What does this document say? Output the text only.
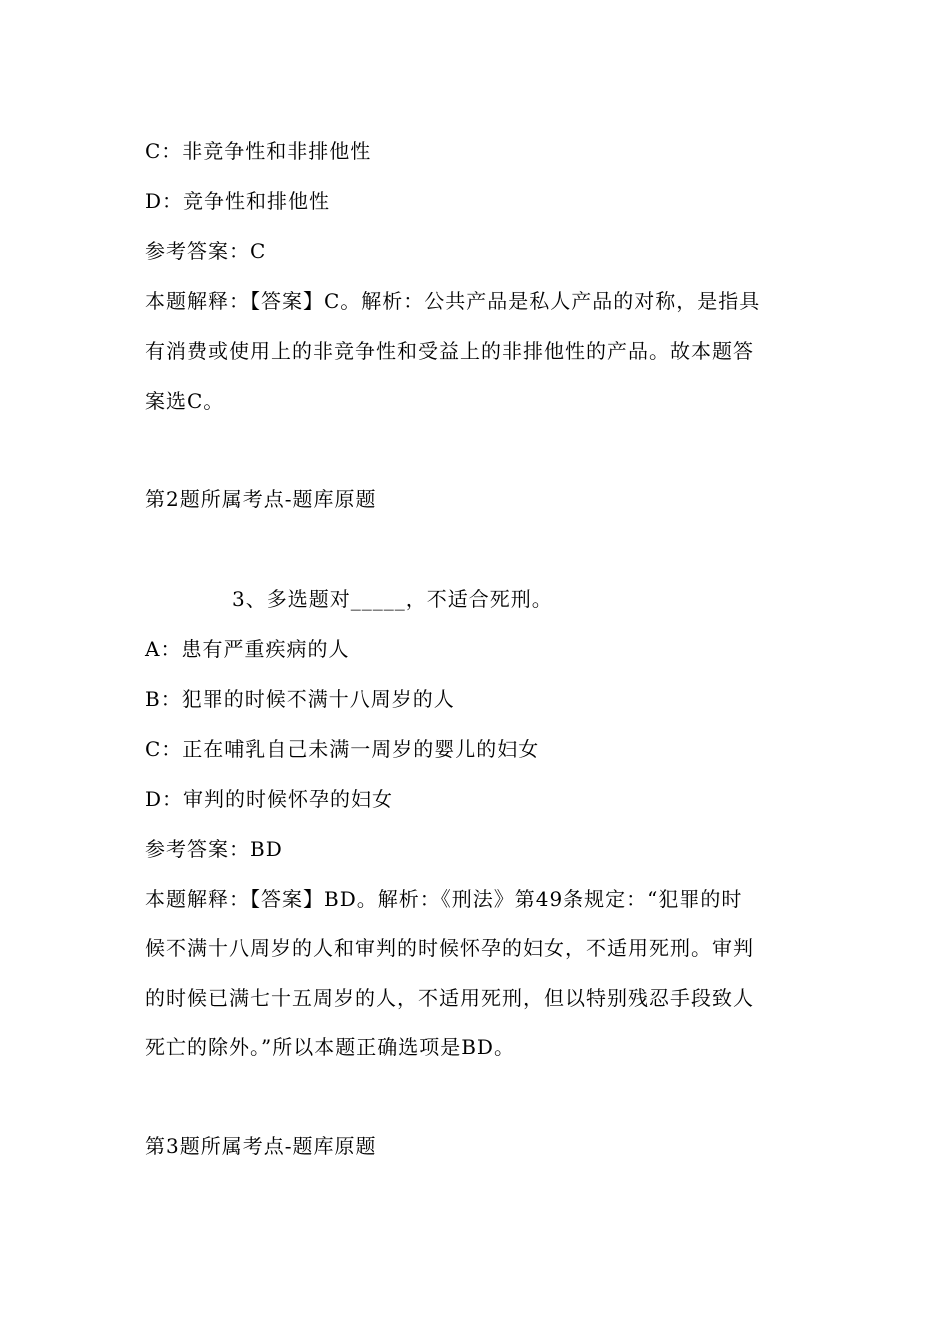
C：非竞争性和非排他性
D：竞争性和排他性
参考答案：C
本题解释：【答案】C。解析：公共产品是私人产品的对称，是指具
有消费或使用上的非竞争性和受益上的非排他性的产品。故本题答
案选C。
第2题所属考点-题库原题
3、多选题对_____，不适合死刑。
A：患有严重疾病的人
B：犯罪的时候不满十八周岁的人
C：正在哺乳自己未满一周岁的婴儿的妇女
D：审判的时候怀孕的妇女
参考答案：BD
本题解释：【答案】BD。解析：《刑法》第49条规定：“犯罪的时
候不满十八周岁的人和审判的时候怀孕的妇女，不适用死刑。审判
的时候已满七十五周岁的人，不适用死刑，但以特别残忍手段致人
死亡的除外。”所以本题正确选项是BD。
第3题所属考点-题库原题
